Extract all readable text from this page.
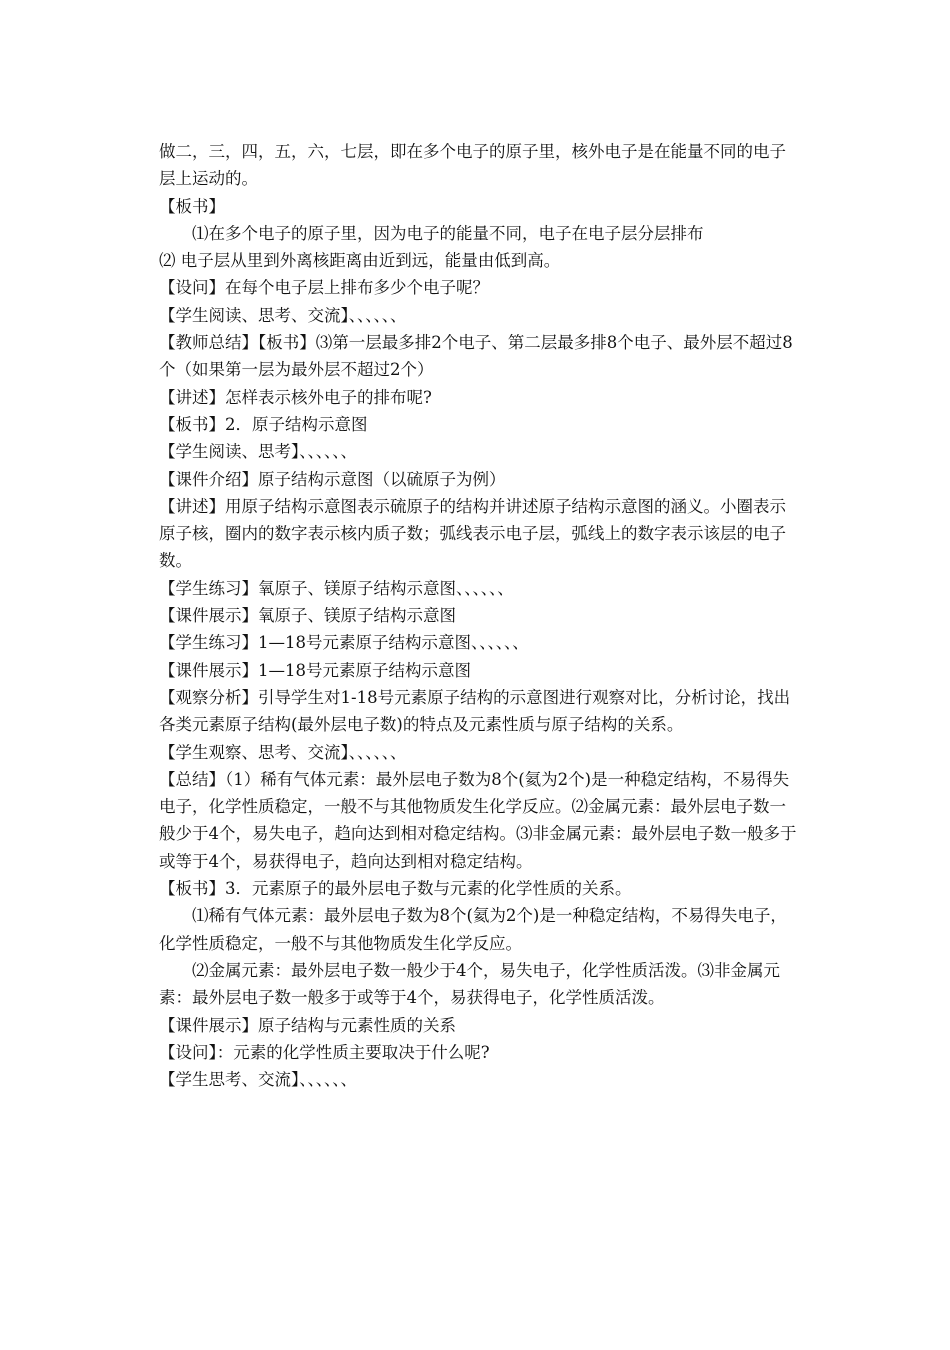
做二，三，四，五，六，七层，即在多个电子的原子里，核外电子是在能量不同的电子层上运动的。

【板书】

⑴在多个电子的原子里，因为电子的能量不同，电子在电子层分层排布

⑵ 电子层从里到外离核距离由近到远，能量由低到高。

【设问】在每个电子层上排布多少个电子呢？

【学生阅读、思考、交流】、、、、、、

【教师总结】【板书】⑶第一层最多排2个电子、第二层最多排8个电子、最外层不超过8个（如果第一层为最外层不超过2个）

【讲述】怎样表示核外电子的排布呢?

【板书】2．原子结构示意图

【学生阅读、思考】、、、、、、

【课件介绍】原子结构示意图（以硫原子为例）

【讲述】用原子结构示意图表示硫原子的结构并讲述原子结构示意图的涵义。小圈表示原子核，圈内的数字表示核内质子数；弧线表示电子层，弧线上的数字表示该层的电子数。

【学生练习】氧原子、镁原子结构示意图、、、、、、

【课件展示】氧原子、镁原子结构示意图

【学生练习】1—18号元素原子结构示意图、、、、、、

【课件展示】1—18号元素原子结构示意图

【观察分析】引导学生对1-18号元素原子结构的示意图进行观察对比，分析讨论，找出各类元素原子结构(最外层电子数)的特点及元素性质与原子结构的关系。

【学生观察、思考、交流】、、、、、、

【总结】（1）稀有气体元素：最外层电子数为8个(氦为2个)是一种稳定结构，不易得失电子，化学性质稳定，一般不与其他物质发生化学反应。⑵金属元素：最外层电子数一般少于4个，易失电子，趋向达到相对稳定结构。⑶非金属元素：最外层电子数一般多于或等于4个，易获得电子，趋向达到相对稳定结构。

【板书】3．元素原子的最外层电子数与元素的化学性质的关系。

⑴稀有气体元素：最外层电子数为8个(氦为2个)是一种稳定结构，不易得失电子，化学性质稳定，一般不与其他物质发生化学反应。

⑵金属元素：最外层电子数一般少于4个，易失电子，化学性质活泼。⑶非金属元素：最外层电子数一般多于或等于4个，易获得电子，化学性质活泼。

【课件展示】原子结构与元素性质的关系

【设问】：元素的化学性质主要取决于什么呢?

【学生思考、交流】、、、、、、
